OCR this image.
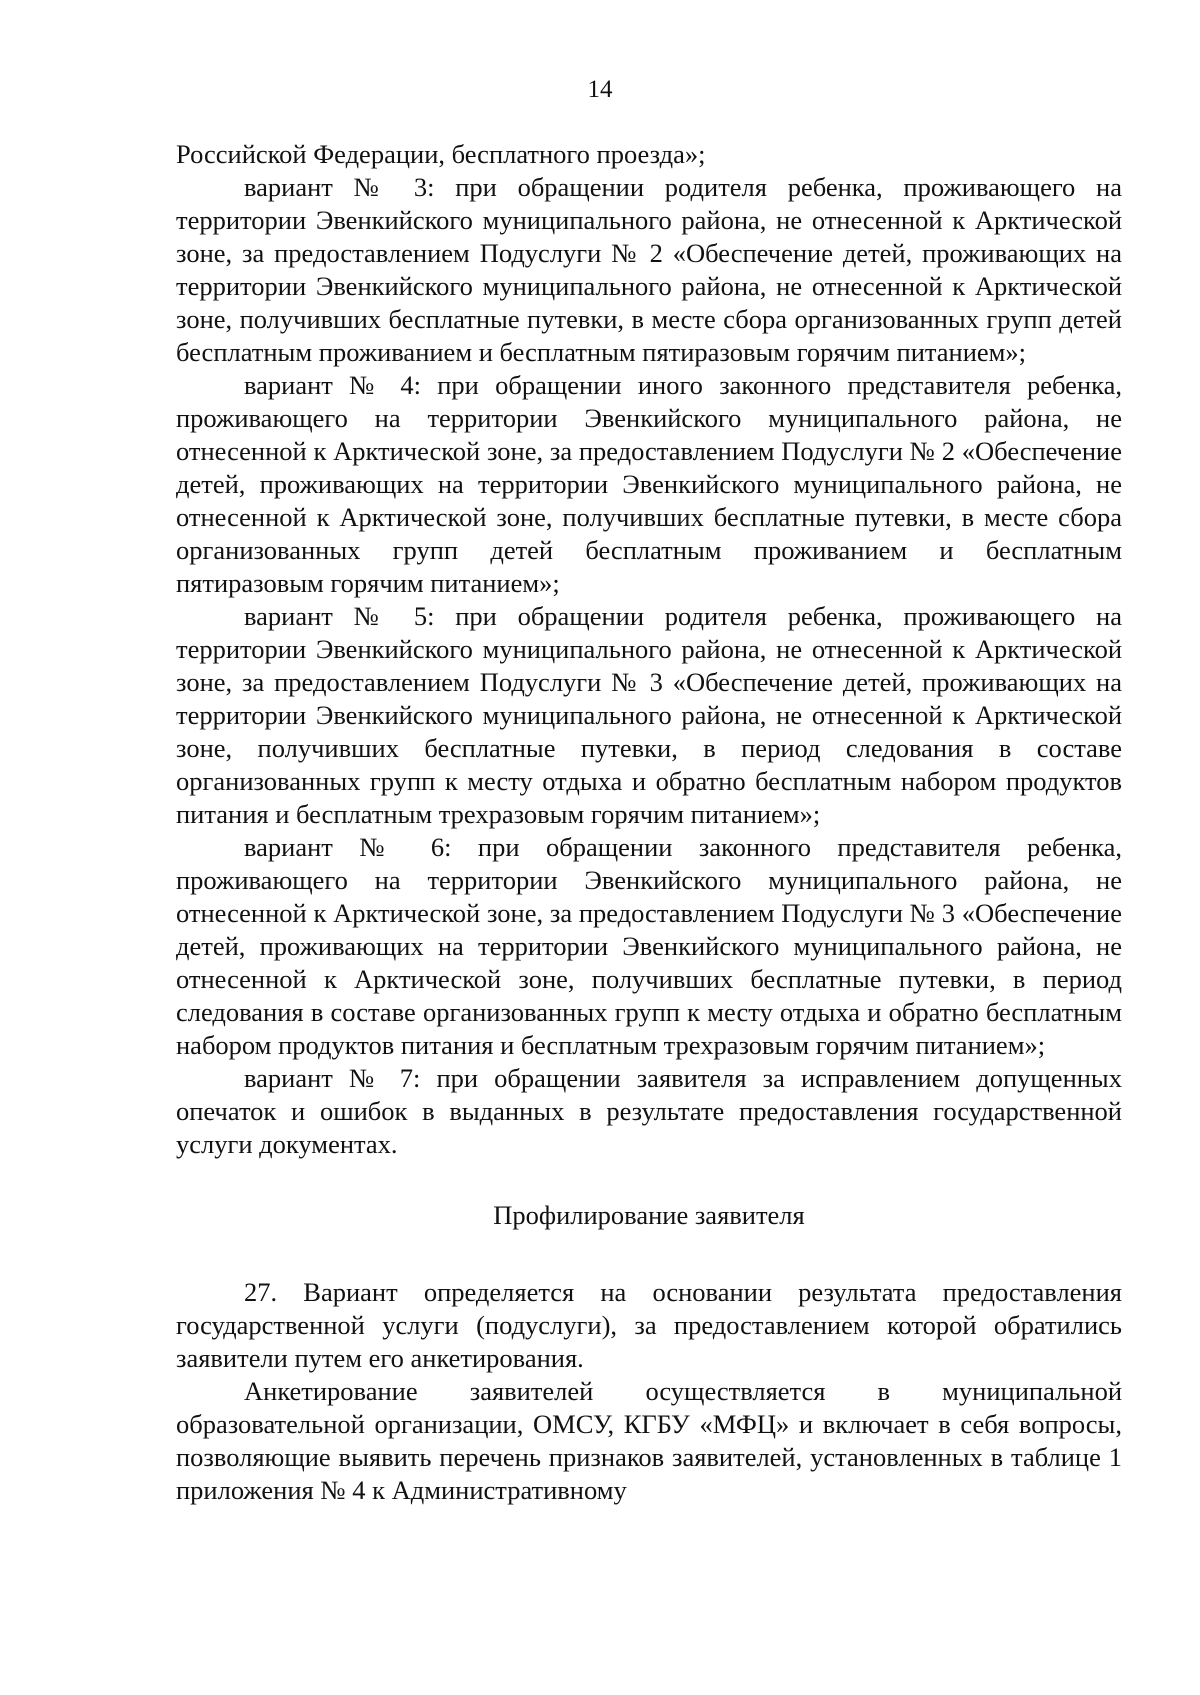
14

Российской Федерации, бесплатного проезда»;

вариант № 3: при обращении родителя ребенка, проживающего на территории Эвенкийского муниципального района, не отнесенной к Арктической зоне, за предоставлением Подуслуги № 2 «Обеспечение детей, проживающих на территории Эвенкийского муниципального района, не отнесенной к Арктической зоне, получивших бесплатные путевки, в месте сбора организованных групп детей бесплатным проживанием и бесплатным пятиразовым горячим питанием»;

вариант № 4: при обращении иного законного представителя ребенка, проживающего на территории Эвенкийского муниципального района, не отнесенной к Арктической зоне, за предоставлением Подуслуги № 2 «Обеспечение детей, проживающих на территории Эвенкийского муниципального района, не отнесенной к Арктической зоне, получивших бесплатные путевки, в месте сбора организованных групп детей бесплатным проживанием и бесплатным пятиразовым горячим питанием»;

вариант № 5: при обращении родителя ребенка, проживающего на территории Эвенкийского муниципального района, не отнесенной к Арктической зоне, за предоставлением Подуслуги № 3 «Обеспечение детей, проживающих на территории Эвенкийского муниципального района, не отнесенной к Арктической зоне, получивших бесплатные путевки, в период следования в составе организованных групп к месту отдыха и обратно бесплатным набором продуктов питания и бесплатным трехразовым горячим питанием»;

вариант № 6: при обращении законного представителя ребенка, проживающего на территории Эвенкийского муниципального района, не отнесенной к Арктической зоне, за предоставлением Подуслуги № 3 «Обеспечение детей, проживающих на территории Эвенкийского муниципального района, не отнесенной к Арктической зоне, получивших бесплатные путевки, в период следования в составе организованных групп к месту отдыха и обратно бесплатным набором продуктов питания и бесплатным трехразовым горячим питанием»;

вариант № 7: при обращении заявителя за исправлением допущенных опечаток и ошибок в выданных в результате предоставления государственной услуги документах.

Профилирование заявителя

27. Вариант определяется на основании результата предоставления государственной услуги (подуслуги), за предоставлением которой обратились заявители путем его анкетирования.

Анкетирование заявителей осуществляется в муниципальной образовательной организации, ОМСУ, КГБУ «МФЦ» и включает в себя вопросы, позволяющие выявить перечень признаков заявителей, установленных в таблице 1 приложения № 4 к Административному
